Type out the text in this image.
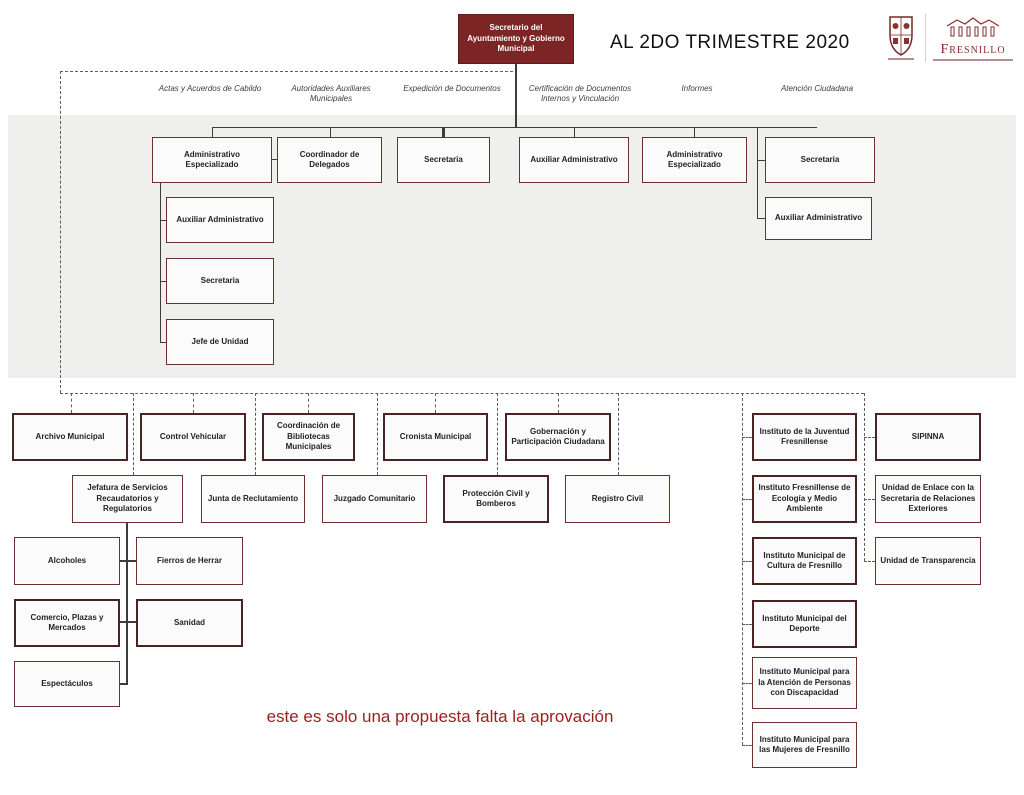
Secretario del Ayuntamiento y Gobierno Municipal	AL 2DO TRIMESTRE 2020	Fresnillo
Actas y Acuerdos de Cabildo	Autoridades Auxiliares Municipales
Expedición de Documentos	Certificación de Documentos Internos y Vinculación
Informes	Atención Ciudadana
Administrativo Especializado
Coordinador de Delegados
Secretaria	Auxiliar Administrativo
Administrativo Especializado
Secretaria
Auxiliar Administrativo
Secretaria
Jefe de Unidad
Auxiliar Administrativo
Archivo Municipal	Control Vehicular
Coordinación de Bibliotecas Municipales
Cronista Municipal
Gobernación y Participación Ciudadana
Jefatura de Servicios Recaudatorios y Regulatorios
Junta de Reclutamiento	Juzgado Comunitario
Protección Civil y Bomberos
Registro Civil
Alcoholes	Fierros de Herrar
Comercio, Plazas y Mercados
Sanidad
Espectáculos
Instituto de la Juventud Fresnillense
Instituto Fresnillense de Ecología y Medio Ambiente
Instituto Municipal de Cultura de Fresnillo
Instituto Municipal del Deporte
Instituto Municipal para la Atención de Personas con Discapacidad
Instituto Municipal para las Mujeres de Fresnillo
SIPINNA
Unidad de Enlace con la Secretaria de Relaciones Exteriores
Unidad de Transparencia
este es solo una propuesta falta la aprovación
